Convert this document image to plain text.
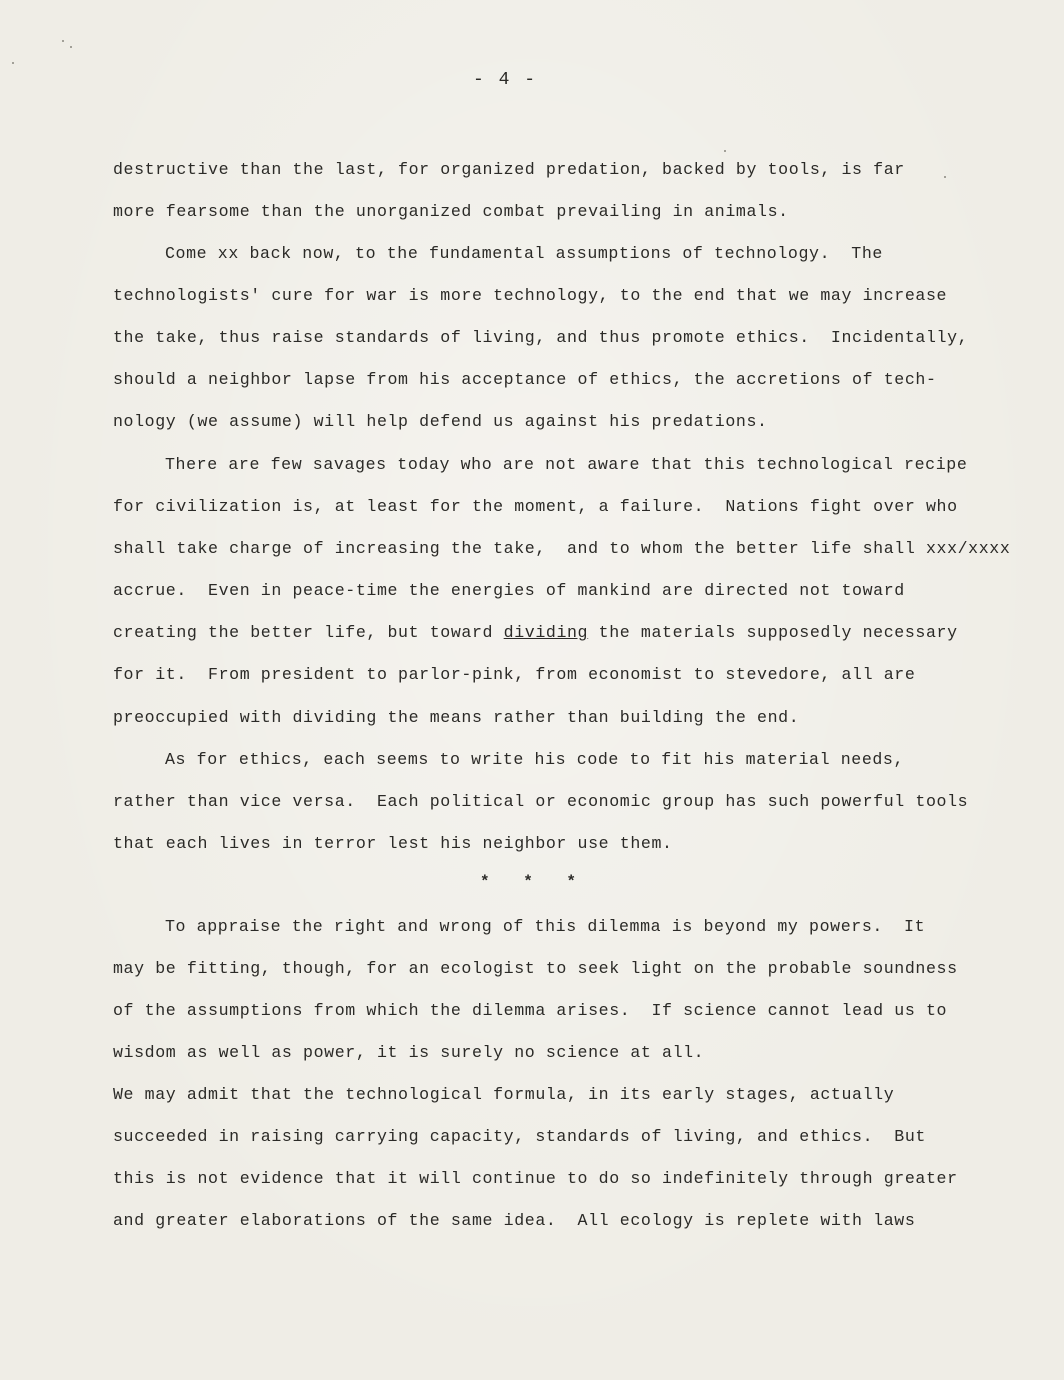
- 4 -
destructive than the last, for organized predation, backed by tools, is far
more fearsome than the unorganized combat prevailing in animals.
Come xx back now, to the fundamental assumptions of technology.  The
technologists' cure for war is more technology, to the end that we may increase
the take, thus raise standards of living, and thus promote ethics.  Incidentally,
should a neighbor lapse from his acceptance of ethics, the accretions of tech-
nology (we assume) will help defend us against his predations.
There are few savages today who are not aware that this technological recipe
for civilization is, at least for the moment, a failure.  Nations fight over who
shall take charge of increasing the take,  and to whom the better life shall xxx/xxxx
accrue.  Even in peace-time the energies of mankind are directed not toward
creating the better life, but toward dividing the materials supposedly necessary
for it.  From president to parlor-pink, from economist to stevedore, all are
preoccupied with dividing the means rather than building the end.
As for ethics, each seems to write his code to fit his material needs,
rather than vice versa.  Each political or economic group has such powerful tools
that each lives in terror lest his neighbor use them.
* * *
To appraise the right and wrong of this dilemma is beyond my powers.  It
may be fitting, though, for an ecologist to seek light on the probable soundness
of the assumptions from which the dilemma arises.  If science cannot lead us to
wisdom as well as power, it is surely no science at all.
We may admit that the technological formula, in its early stages, actually
succeeded in raising carrying capacity, standards of living, and ethics.  But
this is not evidence that it will continue to do so indefinitely through greater
and greater elaborations of the same idea.  All ecology is replete with laws
